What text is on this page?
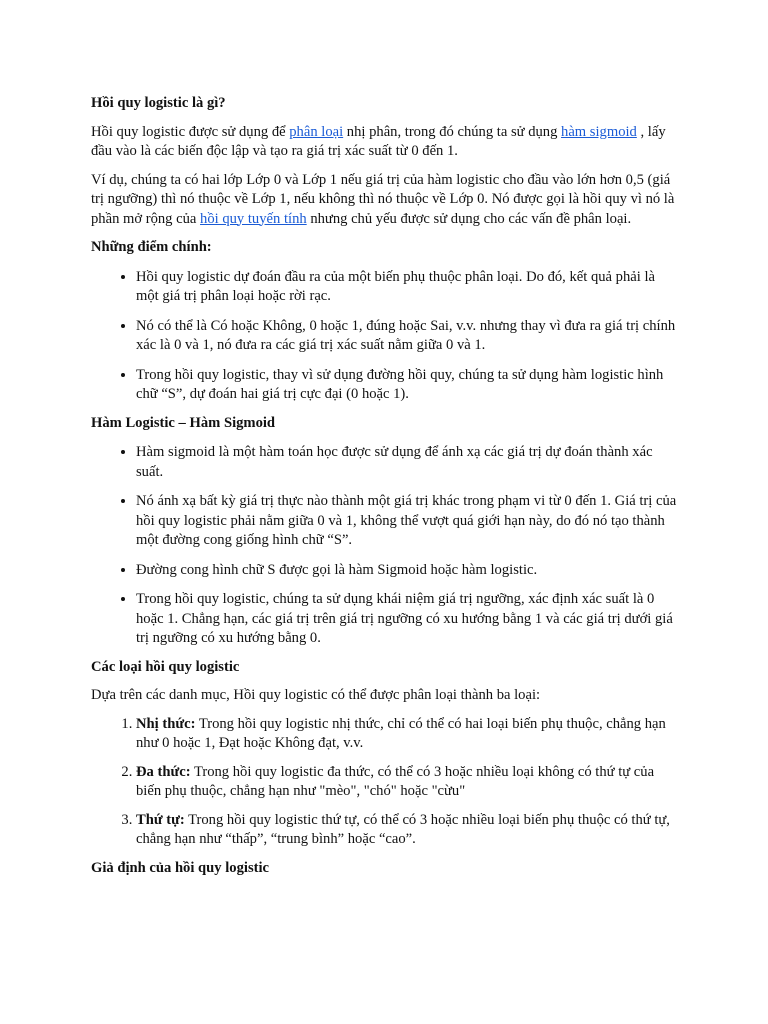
Hồi quy logistic là gì?

Hồi quy logistic được sử dụng để phân loại nhị phân, trong đó chúng ta sử dụng hàm sigmoid , lấy đầu vào là các biến độc lập và tạo ra giá trị xác suất từ 0 đến 1.

Ví dụ, chúng ta có hai lớp Lớp 0 và Lớp 1 nếu giá trị của hàm logistic cho đầu vào lớn hơn 0,5 (giá trị ngưỡng) thì nó thuộc về Lớp 1, nếu không thì nó thuộc về Lớp 0. Nó được gọi là hồi quy vì nó là phần mở rộng của hồi quy tuyến tính nhưng chủ yếu được sử dụng cho các vấn đề phân loại.

Những điểm chính:
• Hồi quy logistic dự đoán đầu ra của một biến phụ thuộc phân loại. Do đó, kết quả phải là một giá trị phân loại hoặc rời rạc.
• Nó có thể là Có hoặc Không, 0 hoặc 1, đúng hoặc Sai, v.v. nhưng thay vì đưa ra giá trị chính xác là 0 và 1, nó đưa ra các giá trị xác suất nằm giữa 0 và 1.
• Trong hồi quy logistic, thay vì sử dụng đường hồi quy, chúng ta sử dụng hàm logistic hình chữ “S”, dự đoán hai giá trị cực đại (0 hoặc 1).
Hàm Logistic – Hàm Sigmoid
• Hàm sigmoid là một hàm toán học được sử dụng để ánh xạ các giá trị dự đoán thành xác suất.
• Nó ánh xạ bất kỳ giá trị thực nào thành một giá trị khác trong phạm vi từ 0 đến 1. Giá trị của hồi quy logistic phải nằm giữa 0 và 1, không thể vượt quá giới hạn này, do đó nó tạo thành một đường cong giống hình chữ “S”.
• Đường cong hình chữ S được gọi là hàm Sigmoid hoặc hàm logistic.
• Trong hồi quy logistic, chúng ta sử dụng khái niệm giá trị ngưỡng, xác định xác suất là 0 hoặc 1. Chẳng hạn, các giá trị trên giá trị ngưỡng có xu hướng bằng 1 và các giá trị dưới giá trị ngưỡng có xu hướng bằng 0.
Các loại hồi quy logistic

Dựa trên các danh mục, Hồi quy logistic có thể được phân loại thành ba loại:

1. Nhị thức: Trong hồi quy logistic nhị thức, chỉ có thể có hai loại biến phụ thuộc, chẳng hạn như 0 hoặc 1, Đạt hoặc Không đạt, v.v.
2. Đa thức: Trong hồi quy logistic đa thức, có thể có 3 hoặc nhiều loại không có thứ tự của biến phụ thuộc, chẳng hạn như "mèo", "chó" hoặc "cừu"
3. Thứ tự: Trong hồi quy logistic thứ tự, có thể có 3 hoặc nhiều loại biến phụ thuộc có thứ tự, chẳng hạn như “thấp”, “trung bình” hoặc “cao”.
Giả định của hồi quy logistic
